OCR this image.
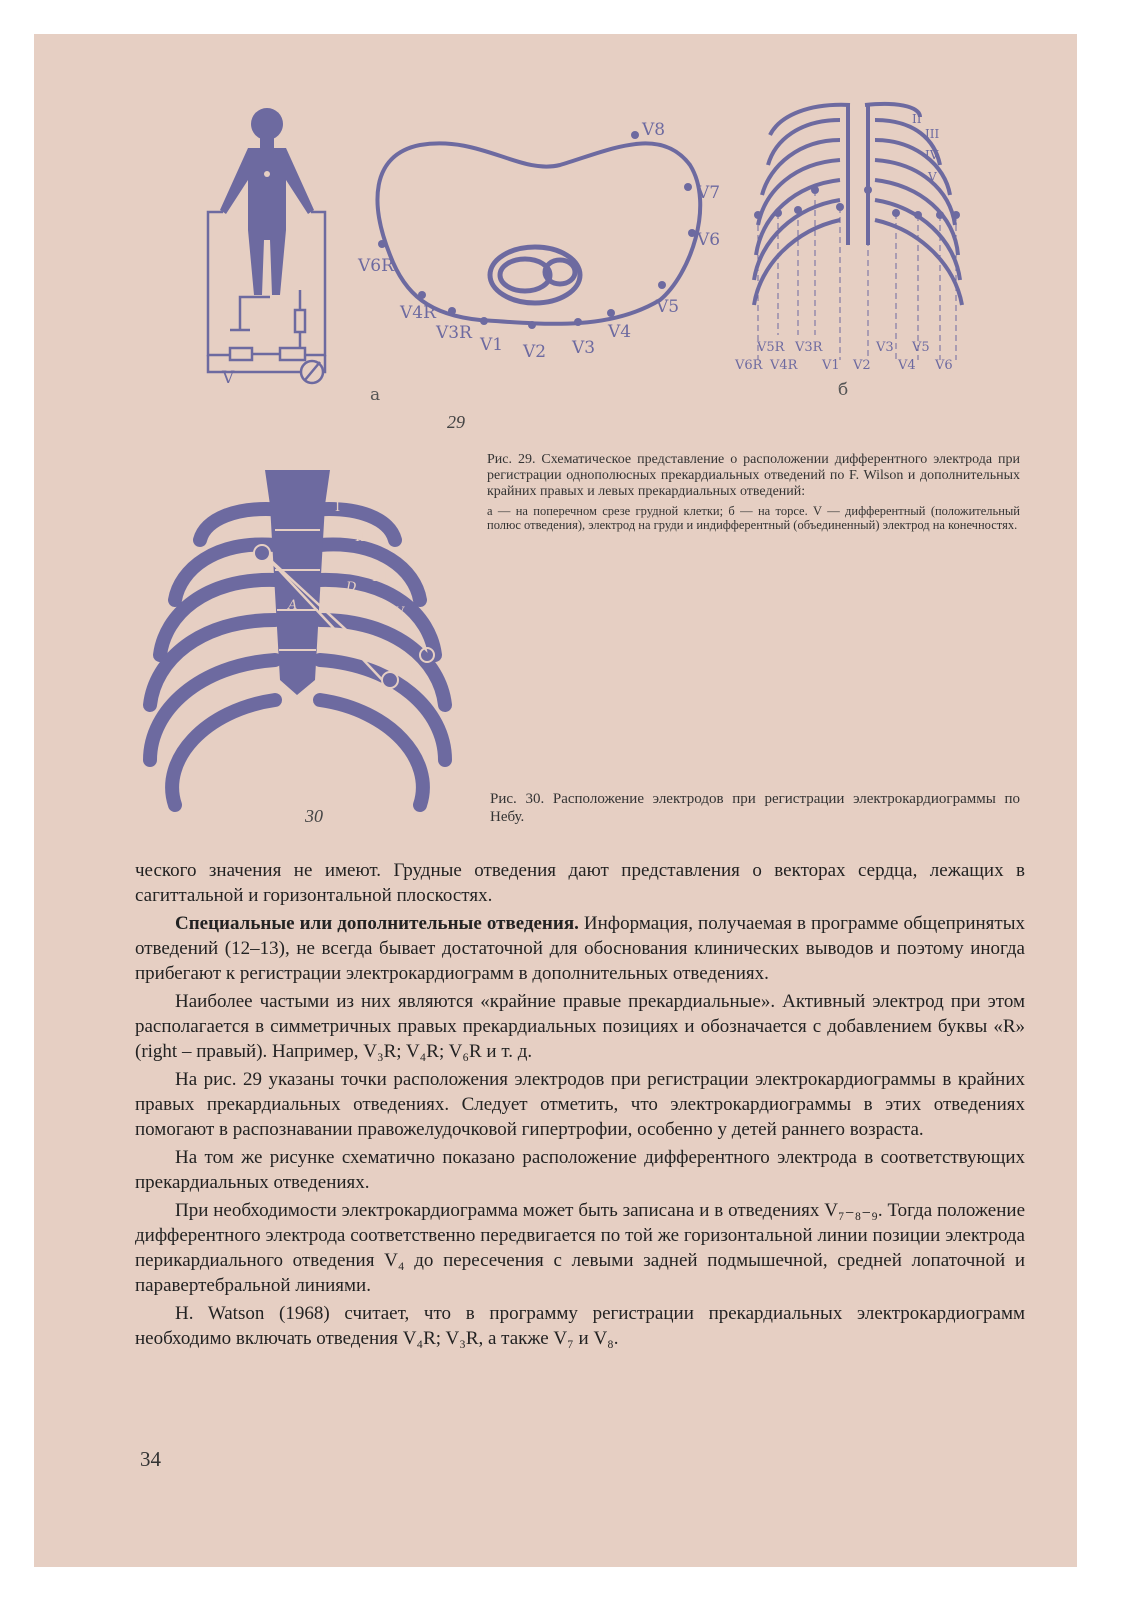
V
а
V8
V7
V6
V5
V4
V3
V2
V1
V3R
V4R
V6R
II
III
IV
V
V6R
V5R
V4R
V3R
V1 V2
V3
V4
V5
V6
б
29
Рис. 29. Схематическое представление о расположении дифферентного электрода при регистрации однополюсных прекардиальных отведений по F. Wilson и дополнительных крайних правых и левых прекардиальных отведений:
а — на поперечном срезе грудной клетки; б — на торсе. V — дифферентный (положительный полюс отведения), электрод на груди и индифферентный (объединенный) электрод на конечностях.
I
II
III
IV
V
I
D
A
30
Рис. 30. Расположение электродов при регистрации электрокардиограммы по Небу.

ческого значения не имеют. Грудные отведения дают представления о векторах сердца, лежащих в сагиттальной и горизонтальной плоскостях.

Специальные или дополнительные отведения. Информация, получаемая в программе общепринятых отведений (12–13), не всегда бывает достаточной для обоснования клинических выводов и поэтому иногда прибегают к регистрации электрокардиограмм в дополнительных отведениях.

Наиболее частыми из них являются «крайние правые прекардиальные». Активный электрод при этом располагается в симметричных правых прекардиальных позициях и обозначается с добавлением буквы «R» (right – правый). Например, V₃R; V₄R; V₆R и т. д.

На рис. 29 указаны точки расположения электродов при регистрации электрокардиограммы в крайних правых прекардиальных отведениях. Следует отметить, что электрокардиограммы в этих отведениях помогают в распознавании правожелудочковой гипертрофии, особенно у детей раннего возраста.

На том же рисунке схематично показано расположение дифферентного электрода в соответствующих прекардиальных отведениях.

При необходимости электрокардиограмма может быть записана и в отведениях V₇₋₈₋₉. Тогда положение дифферентного электрода соответственно передвигается по той же горизонтальной линии позиции электрода перикардиального отведения V₄ до пересечения с левыми задней подмышечной, средней лопаточной и паравертебральной линиями.

H. Watson (1968) считает, что в программу регистрации прекардиальных электрокардиограмм необходимо включать отведения V₄R; V₃R, а также V₇ и V₈.

34
